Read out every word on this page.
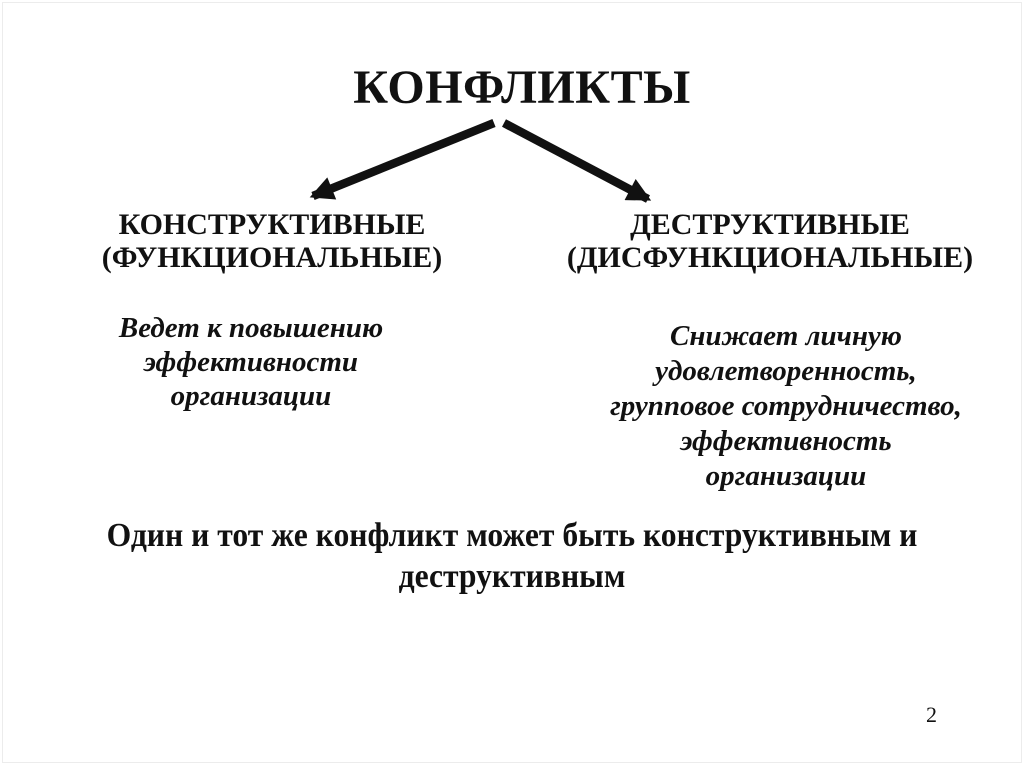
КОНФЛИКТЫ
КОНСТРУКТИВНЫЕ
(ФУНКЦИОНАЛЬНЫЕ)
ДЕСТРУКТИВНЫЕ
(ДИСФУНКЦИОНАЛЬНЫЕ)
Ведет к повышению
эффективности
организации
Снижает личную
удовлетворенность,
групповое сотрудничество,
эффективность
организации
Один и тот же конфликт может быть конструктивным и
деструктивным
2
